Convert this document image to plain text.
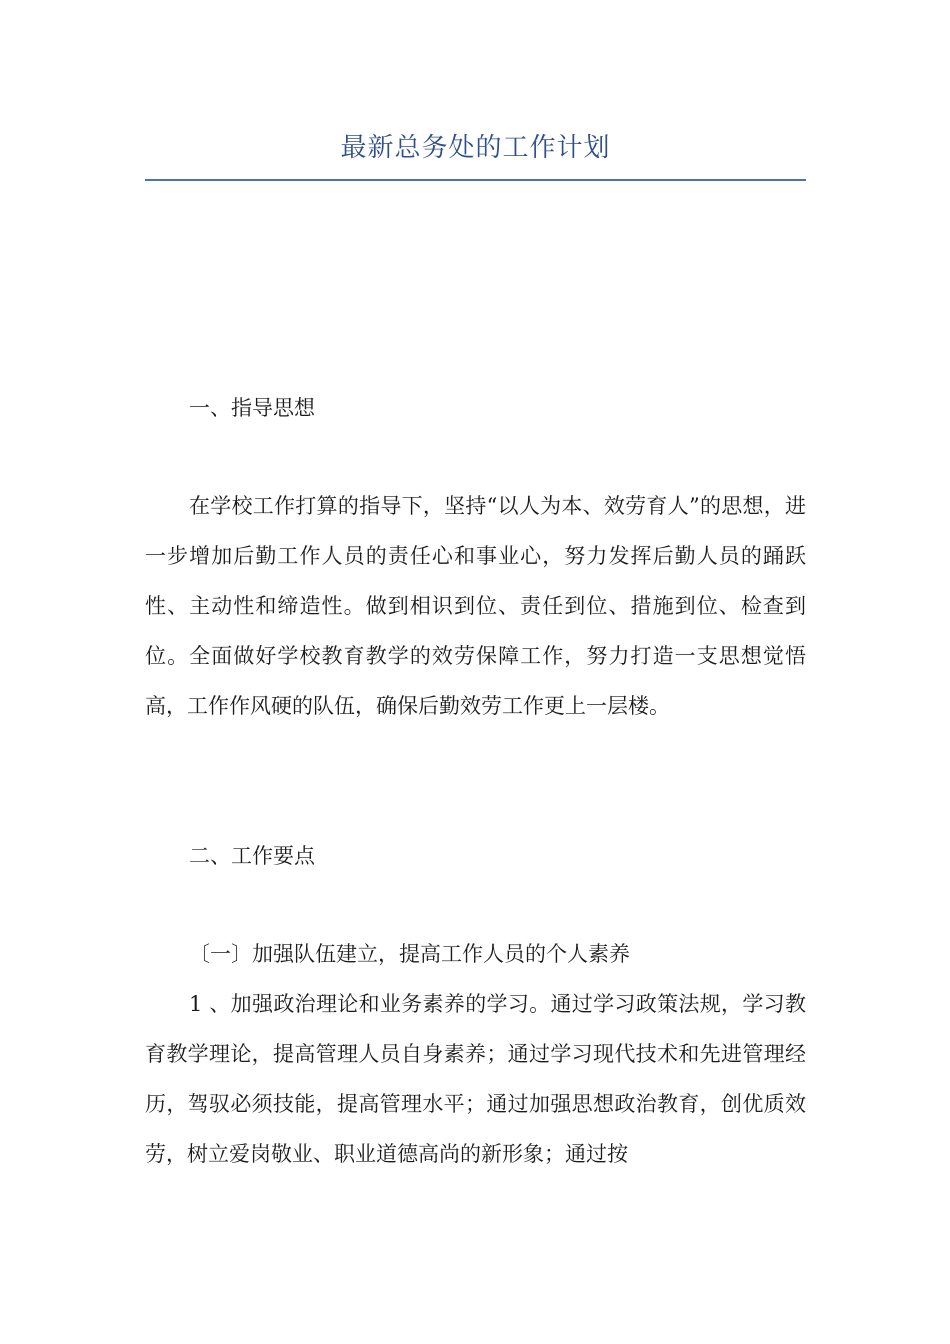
最新总务处的工作计划
一、指导思想
在学校工作打算的指导下，坚持“以人为本、效劳育人”的思想，进一步增加后勤工作人员的责任心和事业心，努力发挥后勤人员的踊跃性、主动性和缔造性。做到相识到位、责任到位、措施到位、检查到位。全面做好学校教育教学的效劳保障工作，努力打造一支思想觉悟高，工作作风硬的队伍，确保后勤效劳工作更上一层楼。
二、工作要点
〔一〕加强队伍建立，提高工作人员的个人素养
1 、加强政治理论和业务素养的学习。通过学习政策法规，学习教育教学理论，提高管理人员自身素养；通过学习现代技术和先进管理经历，驾驭必须技能，提高管理水平；通过加强思想政治教育，创优质效劳，树立爱岗敬业、职业道德高尚的新形象；通过按
